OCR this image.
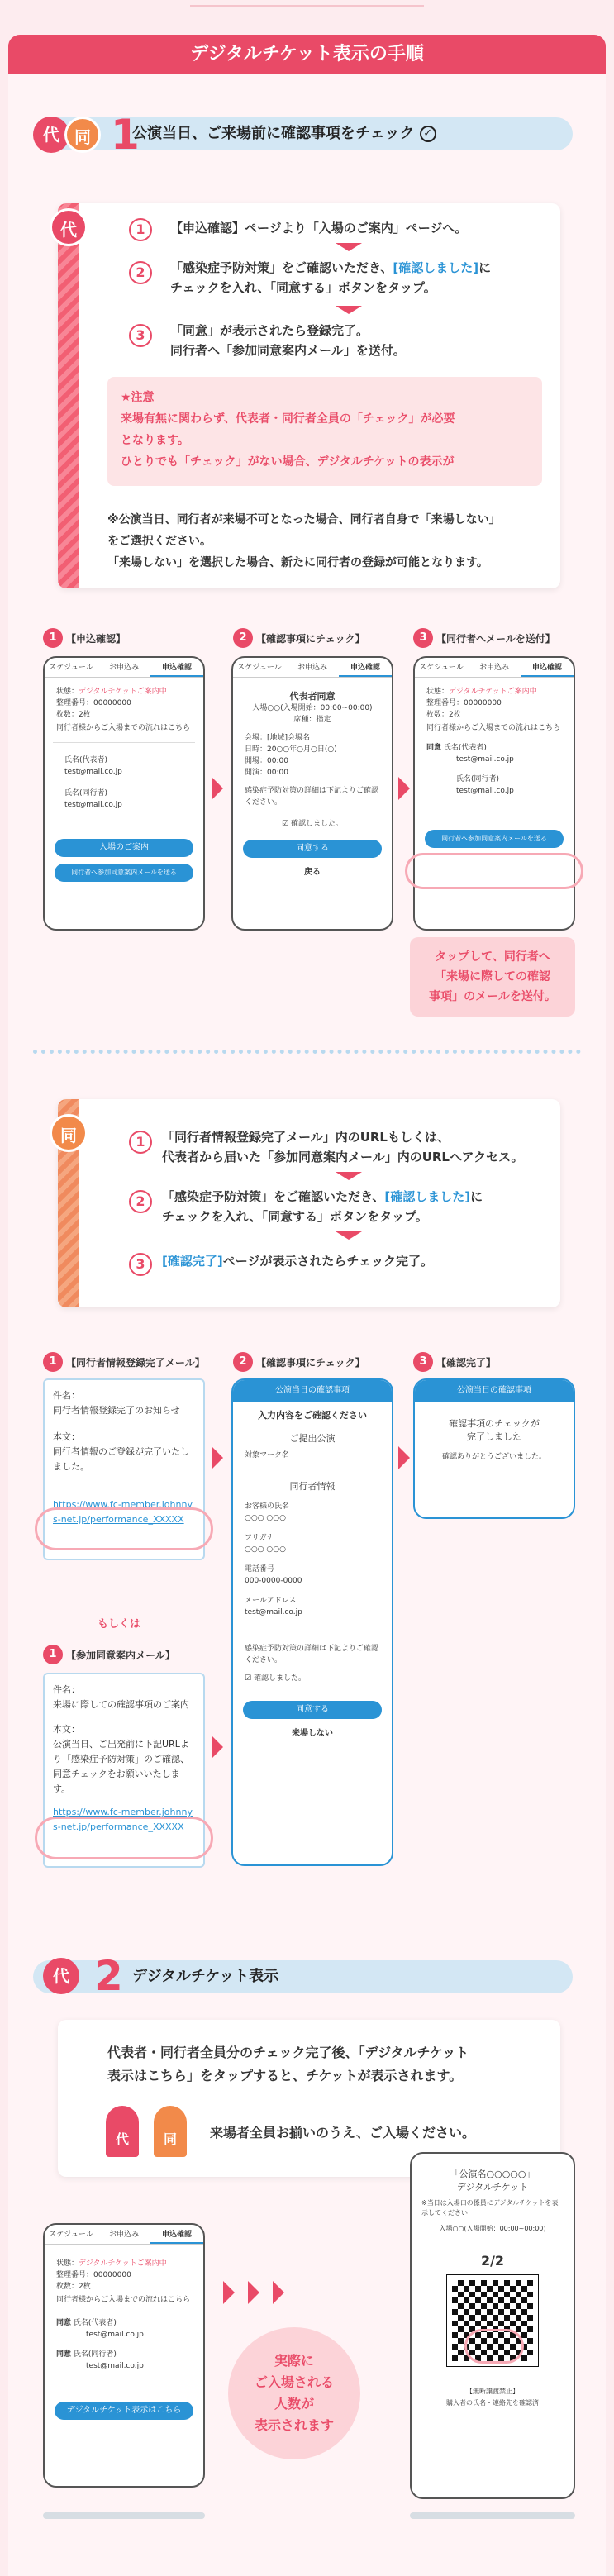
デジタルチケット表示の手順
公演当日、ご来場前に確認事項をチェック ✓
代 同 1
代	1	【申込確認】ページより「入場のご案内」ページへ。
2	「感染症予防対策」をご確認いただき、[確認しました]に
チェックを入れ、「同意する」ボタンをタップ。
3	「同意」が表示されたら登録完了。
同行者へ「参加同意案内メール」を送付。
★注意
来場有無に関わらず、代表者・同行者全員の「チェック」が必要
となります。
ひとりでも「チェック」がない場合、デジタルチケットの表示が
※公演当日、同行者が来場不可となった場合、同行者自身で「来場しない」
をご選択ください。
「来場しない」を選択した場合、新たに同行者の登録が可能となります。
1 【申込確認】	2 【確認事項にチェック】	3 【同行者へメールを送付】
スケジュール	お申込み	申込確認
状態：デジタルチケットご案内中
整理番号：00000000
枚数：2枚
同行者様からご入場までの流れはこちら
氏名(代表者)
test@mail.co.jp
氏名(同行者)
test@mail.co.jp
入場のご案内
同行者へ参加同意案内メールを送る
スケジュール	お申込み	申込確認
代表者同意
入場○○(入場開始：00:00~00:00)
席種：指定
会場：[地域]会場名
日時：20○○年○月○日(○)
開場：00:00
開演：00:00
感染症予防対策の詳細は下記よりご確認ください。
☑ 確認しました。
同意する
戻る
スケジュール	お申込み	申込確認
状態：デジタルチケットご案内中
整理番号：00000000
枚数：2枚
同行者様からご入場までの流れはこちら
同意 氏名(代表者)
test@mail.co.jp
氏名(同行者)
test@mail.co.jp
同行者へ参加同意案内メールを送る
タップして、同行者へ
「来場に際しての確認
事項」のメールを送付。
同	1	「同行者情報登録完了メール」内のURLもしくは、
代表者から届いた「参加同意案内メール」内のURLへアクセス。
2	「感染症予防対策」をご確認いただき、[確認しました]に
チェックを入れ、「同意する」ボタンをタップ。
3	[確認完了]ページが表示されたらチェック完了。
1 【同行者情報登録完了メール】	2 【確認事項にチェック】	3 【確認完了】
件名：
同行者情報登録完了のお知らせ
本文：
同行者情報のご登録が完了いたしました。
https://www.fc-member.johnnys-net.jp/performance_XXXXX
もしくは
1 【参加同意案内メール】
件名：
来場に際しての確認事項のご案内
本文：
公演当日、ご出発前に下記URLより「感染症予防対策」のご確認、同意チェックをお願いいたします。
https://www.fc-member.johnnys-net.jp/performance_XXXXX
公演当日の確認事項
入力内容をご確認ください
ご提出公演
対象マーク名
同行者情報
お客様の氏名
○○○ ○○○
フリガナ
○○○ ○○○
電話番号
000-0000-0000
メールアドレス
test@mail.co.jp
感染症予防対策の詳細は下記よりご確認ください。
☑ 確認しました。
同意する
来場しない
公演当日の確認事項
確認事項のチェックが
完了しました
確認ありがとうございました。
デジタルチケット表示
代 2
代表者・同行者全員分のチェック完了後、「デジタルチケット
表示はこちら」をタップすると、チケットが表示されます。
代	同	来場者全員お揃いのうえ、ご入場ください。
スケジュール	お申込み	申込確認
状態：デジタルチケットご案内中
整理番号：00000000
枚数：2枚
同行者様からご入場までの流れはこちら
同意 氏名(代表者)
test@mail.co.jp
同意 氏名(同行者)
test@mail.co.jp
デジタルチケット表示はこちら
実際に
ご入場される
人数が
表示されます
「公演名○○○○○」
デジタルチケット
※当日は入場口の係員にデジタルチケットを表示してください
入場○○(入場開始：00:00~00:00)
2/2
【無断譲渡禁止】
購入者の氏名・連絡先を確認済
